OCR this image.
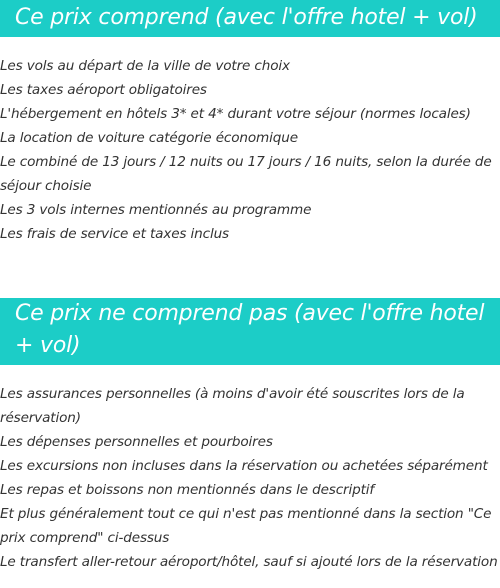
Ce prix comprend (avec l'offre hotel + vol)
Les vols au départ de la ville de votre choix
Les taxes aéroport obligatoires
L'hébergement en hôtels 3* et 4* durant votre séjour (normes locales)
La location de voiture catégorie économique
Le combiné de 13 jours / 12 nuits ou 17 jours / 16 nuits, selon la durée de séjour choisie
Les 3 vols internes mentionnés au programme
Les frais de service et taxes inclus
Ce prix ne comprend pas (avec l'offre hotel + vol)
Les assurances personnelles (à moins d'avoir été souscrites lors de la réservation)
Les dépenses personnelles et pourboires
Les excursions non incluses dans la réservation ou achetées séparément
Les repas et boissons non mentionnés dans le descriptif
Et plus généralement tout ce qui n'est pas mentionné dans la section "Ce prix comprend" ci-dessus
Le transfert aller-retour aéroport/hôtel, sauf si ajouté lors de la réservation
